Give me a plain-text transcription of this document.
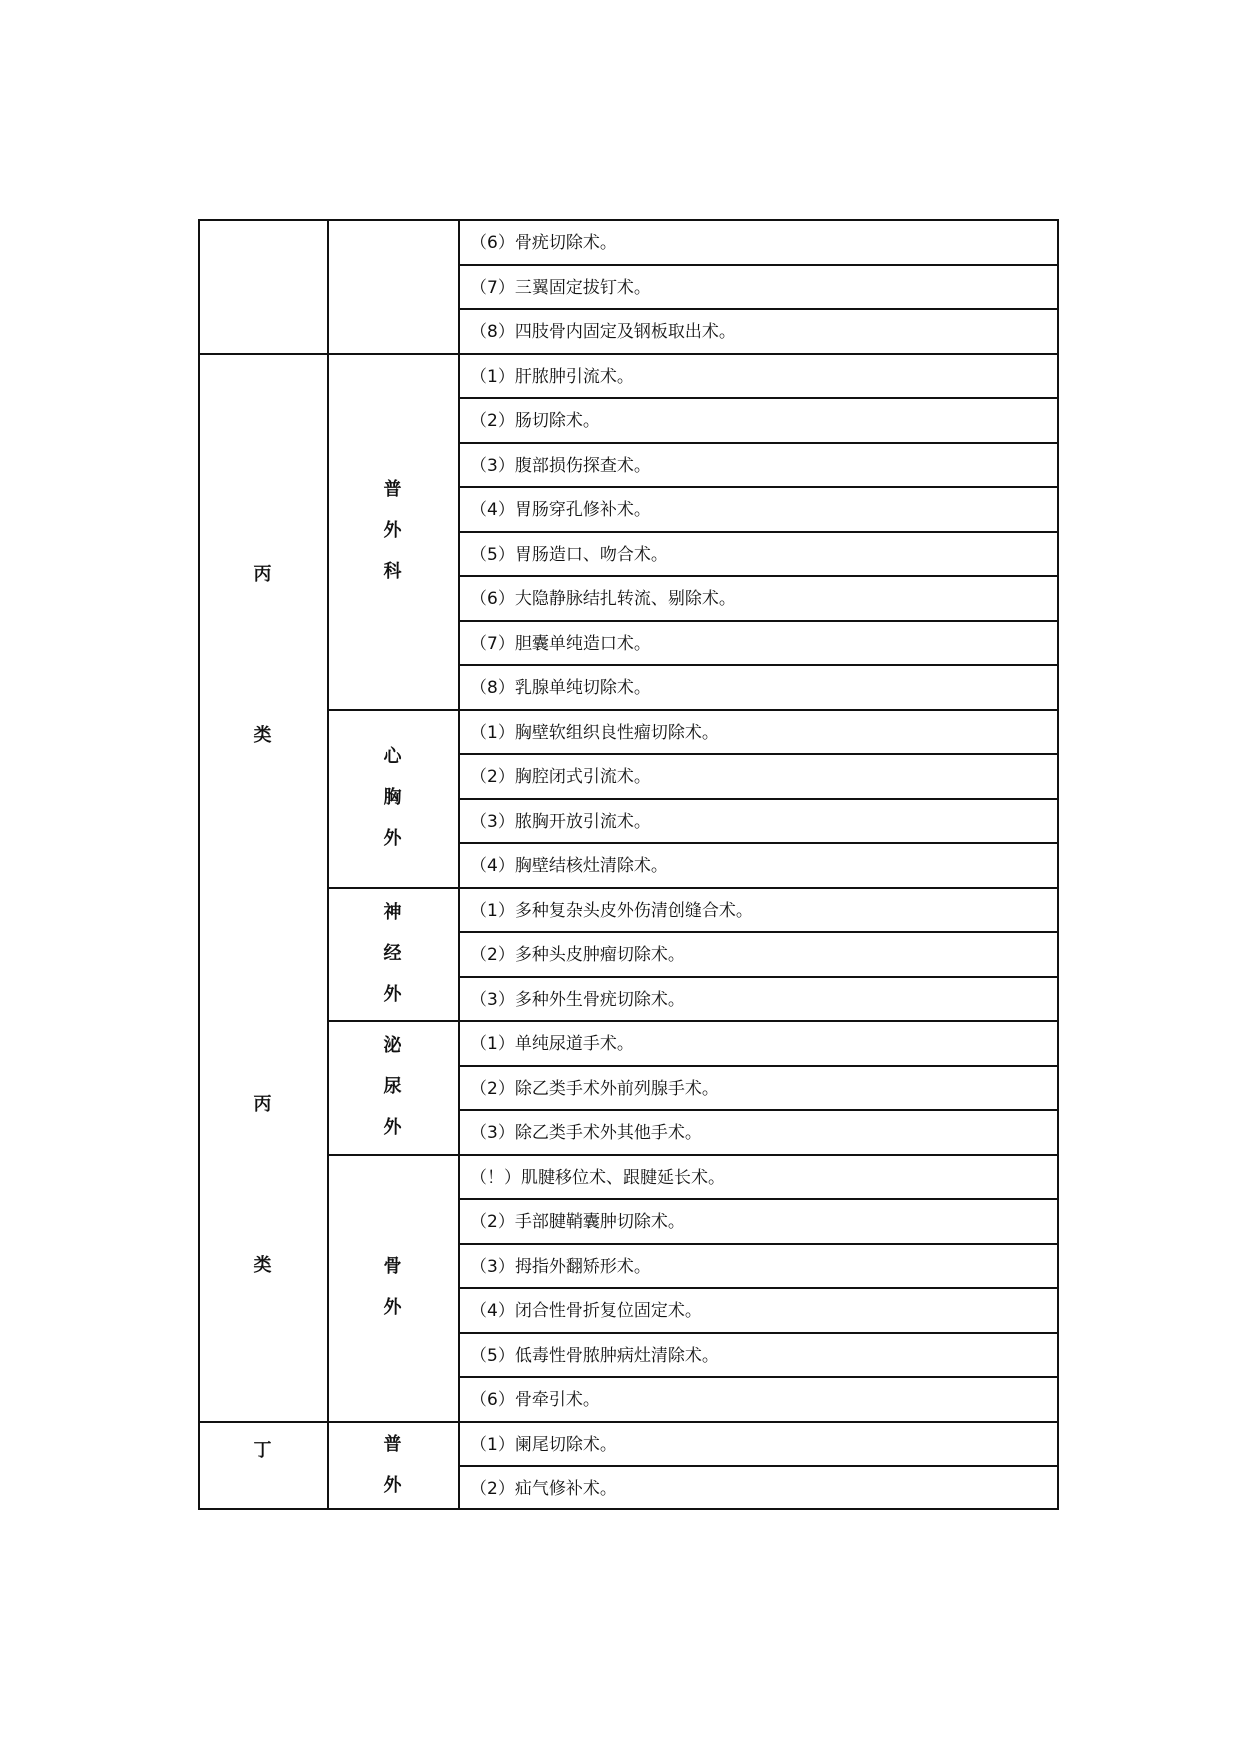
（6）骨疣切除术。
（7）三翼固定拔钉术。
（8）四肢骨内固定及钢板取出术。
（1）肝脓肿引流术。
（2）肠切除术。
（3）腹部损伤探查术。
（4）胃肠穿孔修补术。
（5）胃肠造口、吻合术。
（6）大隐静脉结扎转流、剔除术。
（7）胆囊单纯造口术。
（8）乳腺单纯切除术。
普
外
科
（1）胸壁软组织良性瘤切除术。
（2）胸腔闭式引流术。
（3）脓胸开放引流术。
（4）胸壁结核灶清除术。
心
胸
外
（1）多种复杂头皮外伤清创缝合术。
（2）多种头皮肿瘤切除术。
（3）多种外生骨疣切除术。
神
经
外
（1）单纯尿道手术。
（2）除乙类手术外前列腺手术。
（3）除乙类手术外其他手术。
泌
尿
外
（！）肌腱移位术、跟腱延长术。
（2）手部腱鞘囊肿切除术。
（3）拇指外翻矫形术。
（4）闭合性骨折复位固定术。
（5）低毒性骨脓肿病灶清除术。
（6）骨牵引术。
骨
外
（1）阑尾切除术。
（2）疝气修补术。
普
外
丙
类
丙
类
丁
